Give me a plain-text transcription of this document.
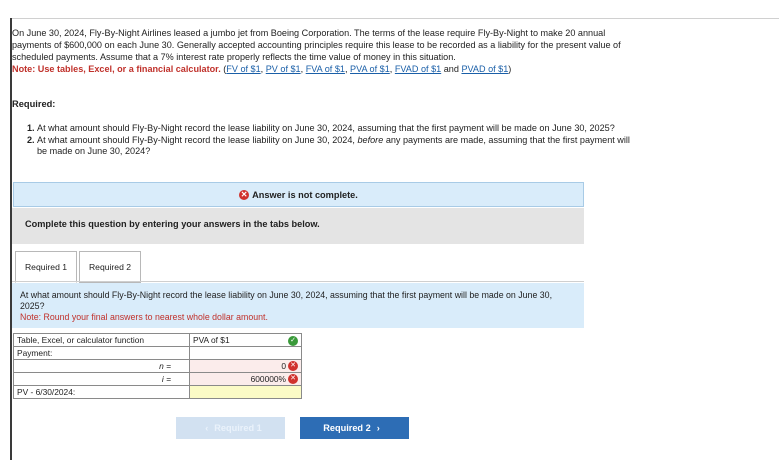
On June 30, 2024, Fly-By-Night Airlines leased a jumbo jet from Boeing Corporation. The terms of the lease require Fly-By-Night to make 20 annual payments of $600,000 on each June 30. Generally accepted accounting principles require this lease to be recorded as a liability for the present value of scheduled payments. Assume that a 7% interest rate properly reflects the time value of money in this situation.

Note: Use tables, Excel, or a financial calculator. (FV of $1, PV of $1, FVA of $1, PVA of $1, FVAD of $1 and PVAD of $1)
Required:
1. At what amount should Fly-By-Night record the lease liability on June 30, 2024, assuming that the first payment will be made on June 30, 2025?
2. At what amount should Fly-By-Night record the lease liability on June 30, 2024, before any payments are made, assuming that the first payment will be made on June 30, 2024?
✕ Answer is not complete.
Complete this question by entering your answers in the tabs below.
Required 1	Required 2
At what amount should Fly-By-Night record the lease liability on June 30, 2024, assuming that the first payment will be made on June 30, 2025?
Note: Round your final answers to nearest whole dollar amount.
Table, Excel, or calculator function	PVA of $1 ✓

Payment:	
n =	0 ✕
i =	600000% ✕
PV - 6/30/2024:	
‹ Required 1	Required 2 ›
